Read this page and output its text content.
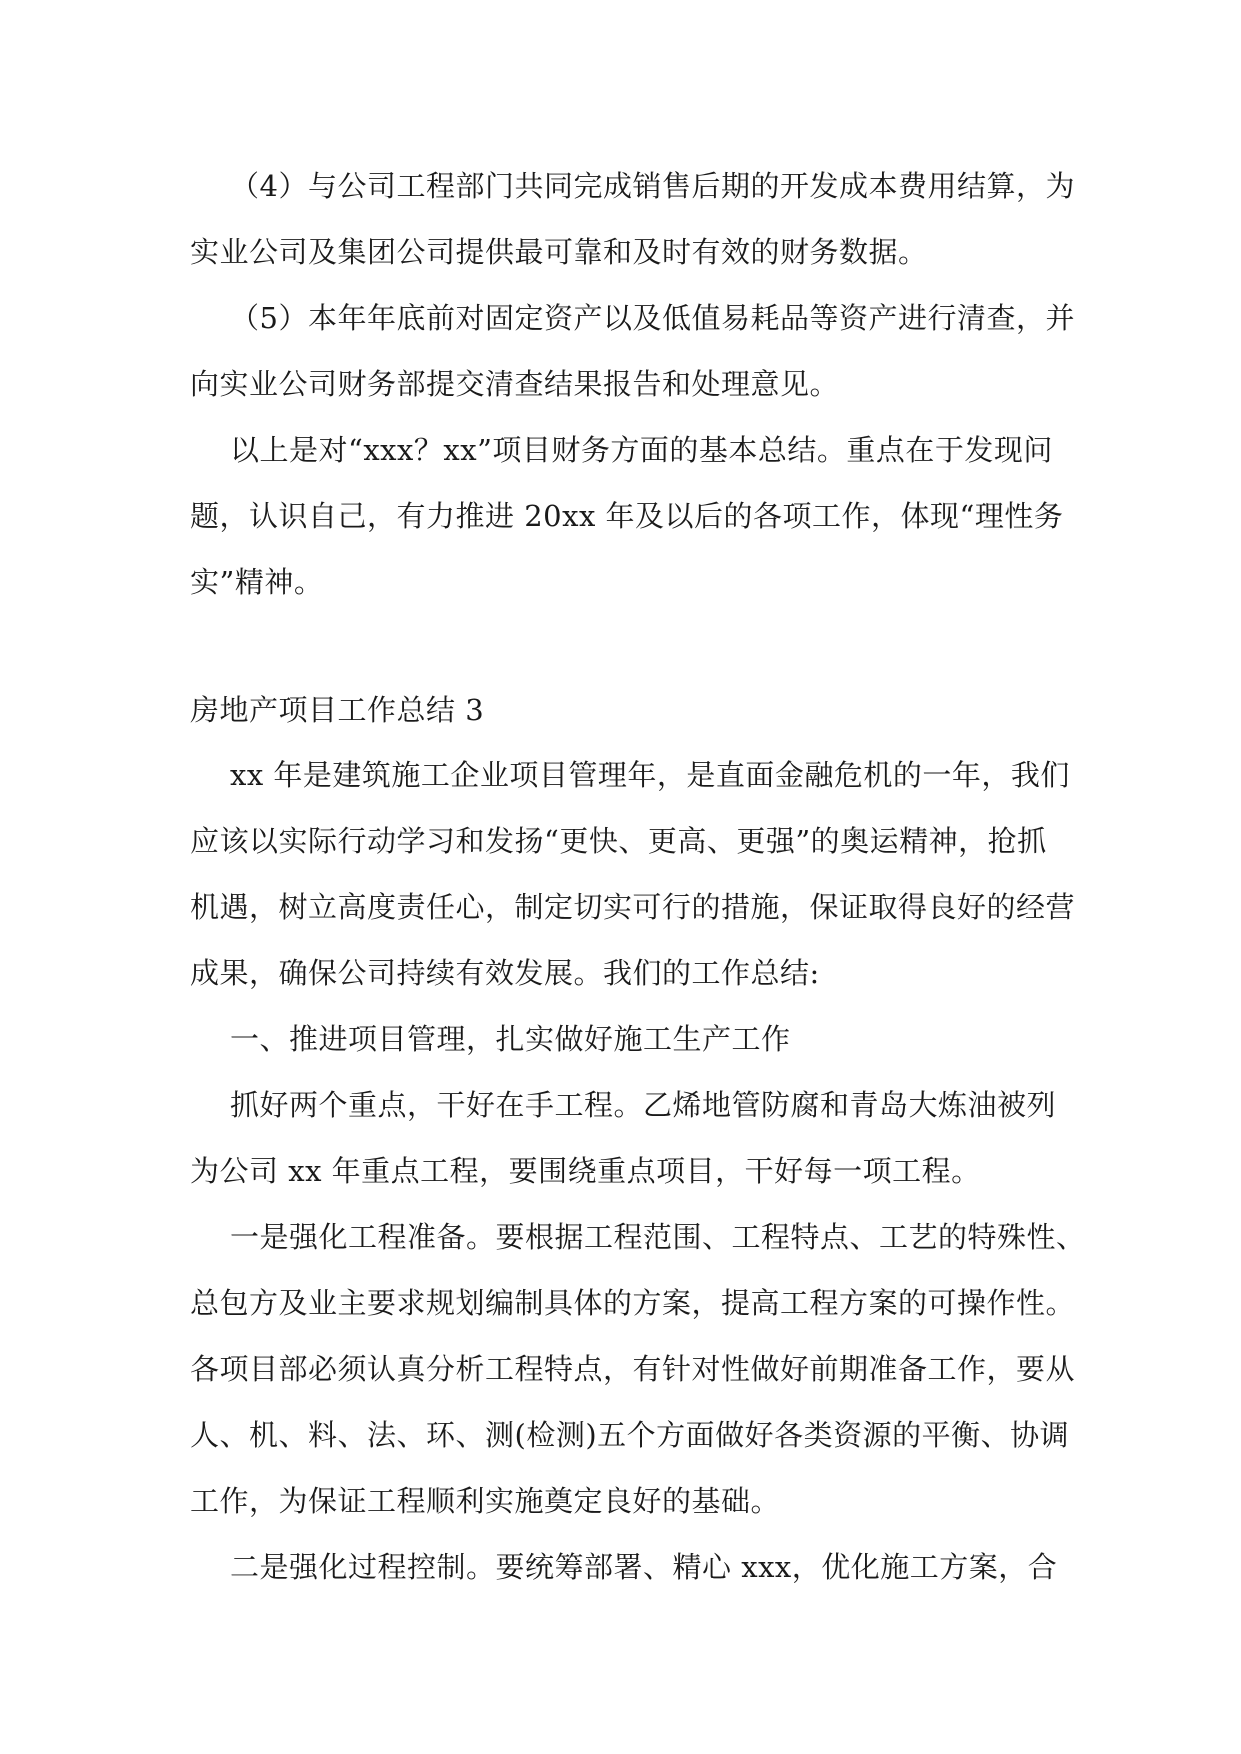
（4）与公司工程部门共同完成销售后期的开发成本费用结算，为
实业公司及集团公司提供最可靠和及时有效的财务数据。
（5）本年年底前对固定资产以及低值易耗品等资产进行清查，并
向实业公司财务部提交清查结果报告和处理意见。
以上是对“xxx？xx”项目财务方面的基本总结。重点在于发现问
题，认识自己，有力推进 20xx 年及以后的各项工作，体现“理性务
实”精神。
房地产项目工作总结 3
xx 年是建筑施工企业项目管理年，是直面金融危机的一年，我们
应该以实际行动学习和发扬“更快、更高、更强”的奥运精神，抢抓
机遇，树立高度责任心，制定切实可行的措施，保证取得良好的经营
成果，确保公司持续有效发展。我们的工作总结:
一、推进项目管理，扎实做好施工生产工作
抓好两个重点，干好在手工程。乙烯地管防腐和青岛大炼油被列
为公司 xx 年重点工程，要围绕重点项目，干好每一项工程。
一是强化工程准备。要根据工程范围、工程特点、工艺的特殊性、
总包方及业主要求规划编制具体的方案，提高工程方案的可操作性。
各项目部必须认真分析工程特点，有针对性做好前期准备工作，要从
人、机、料、法、环、测(检测)五个方面做好各类资源的平衡、协调
工作，为保证工程顺利实施奠定良好的基础。
二是强化过程控制。要统筹部署、精心 xxx，优化施工方案，合
